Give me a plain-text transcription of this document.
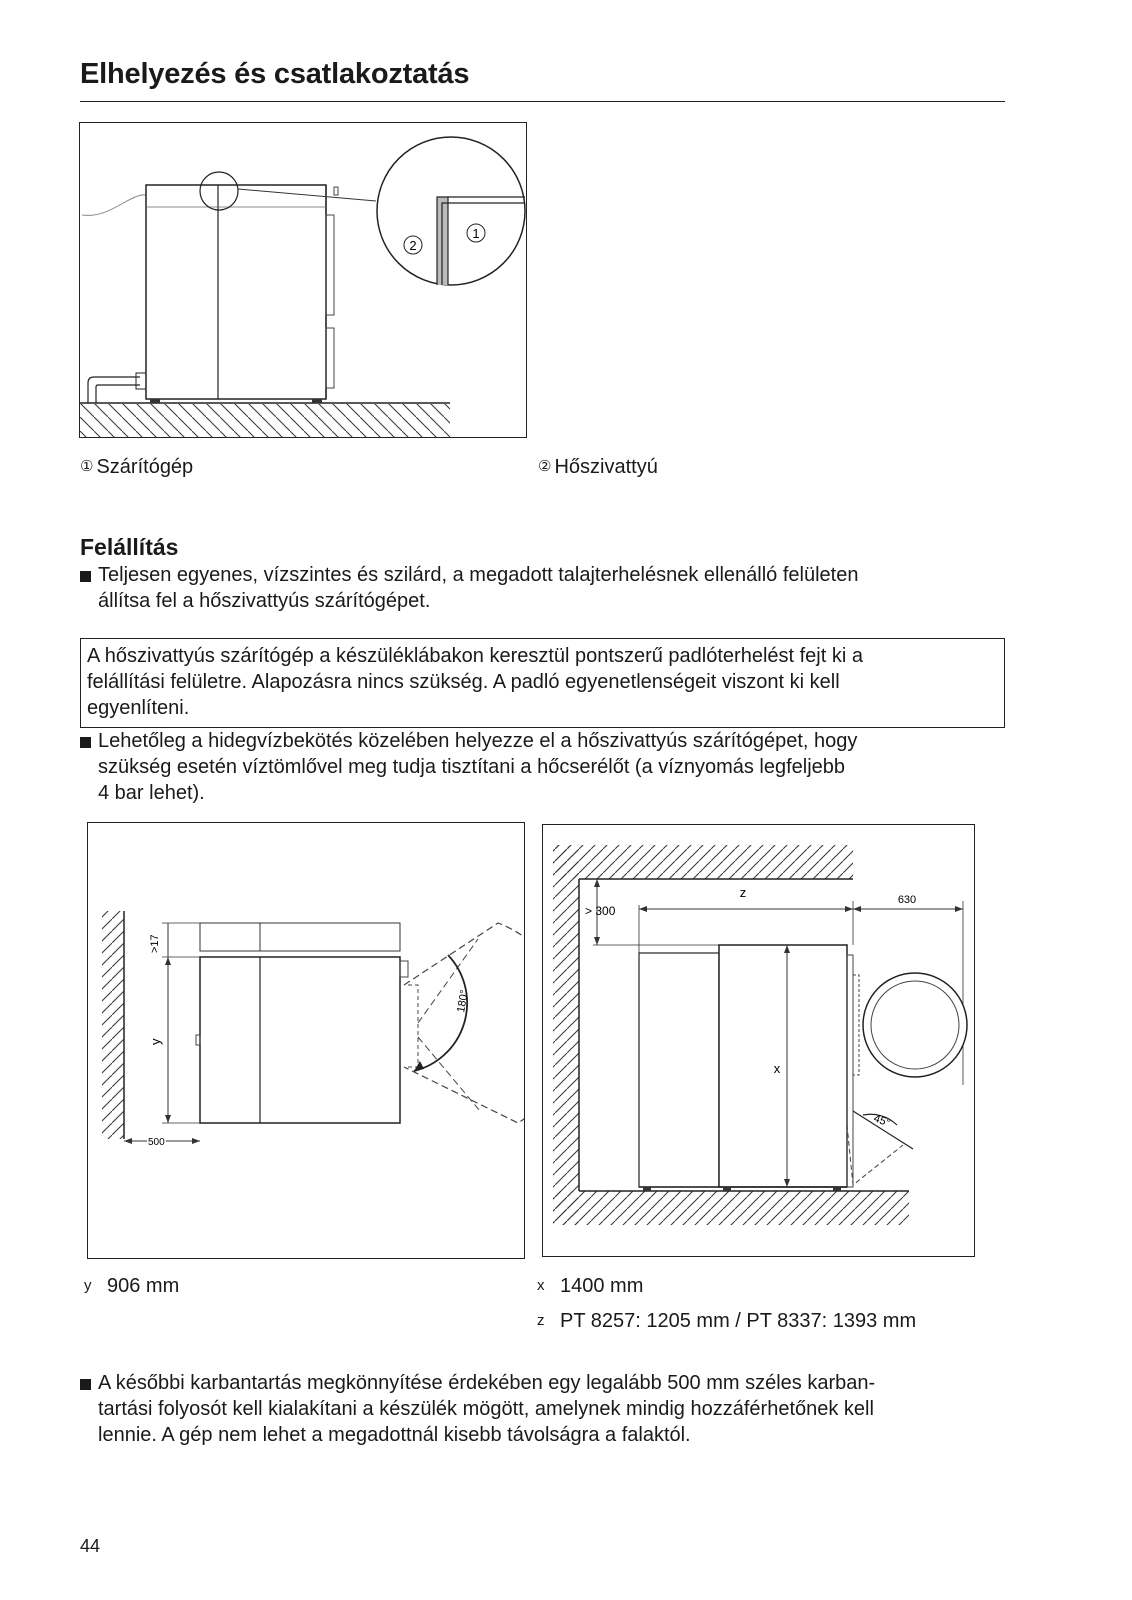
Elhelyezés és csatlakoztatás
1
2
① Szárítógép	② Hőszivattyú
Felállítás
Teljesen egyenes, vízszintes és szilárd, a megadott talajterhelésnek ellenálló felületen
állítsa fel a hőszivattyús szárítógépet.
A hőszivattyús szárítógép a készüléklábakon keresztül pontszerű padlóterhelést fejt ki a
felállítási felületre. Alapozásra nincs szükség. A padló egyenetlenségeit viszont ki kell
egyenlíteni.
Lehetőleg a hidegvízbekötés közelében helyezze el a hőszivattyús szárítógépet, hogy
szükség esetén víztömlővel meg tudja tisztítani a hőcserélőt (a víznyomás legfeljebb
4 bar lehet).
>17
y
500
180°
> 300
z	630
x
45°
y 906 mm	x 1400 mm
z PT 8257: 1205 mm / PT 8337: 1393 mm
A későbbi karbantartás megkönnyítése érdekében egy legalább 500 mm széles karban-
tartási folyosót kell kialakítani a készülék mögött, amelynek mindig hozzáférhetőnek kell
lennie. A gép nem lehet a megadottnál kisebb távolságra a falaktól.
44
